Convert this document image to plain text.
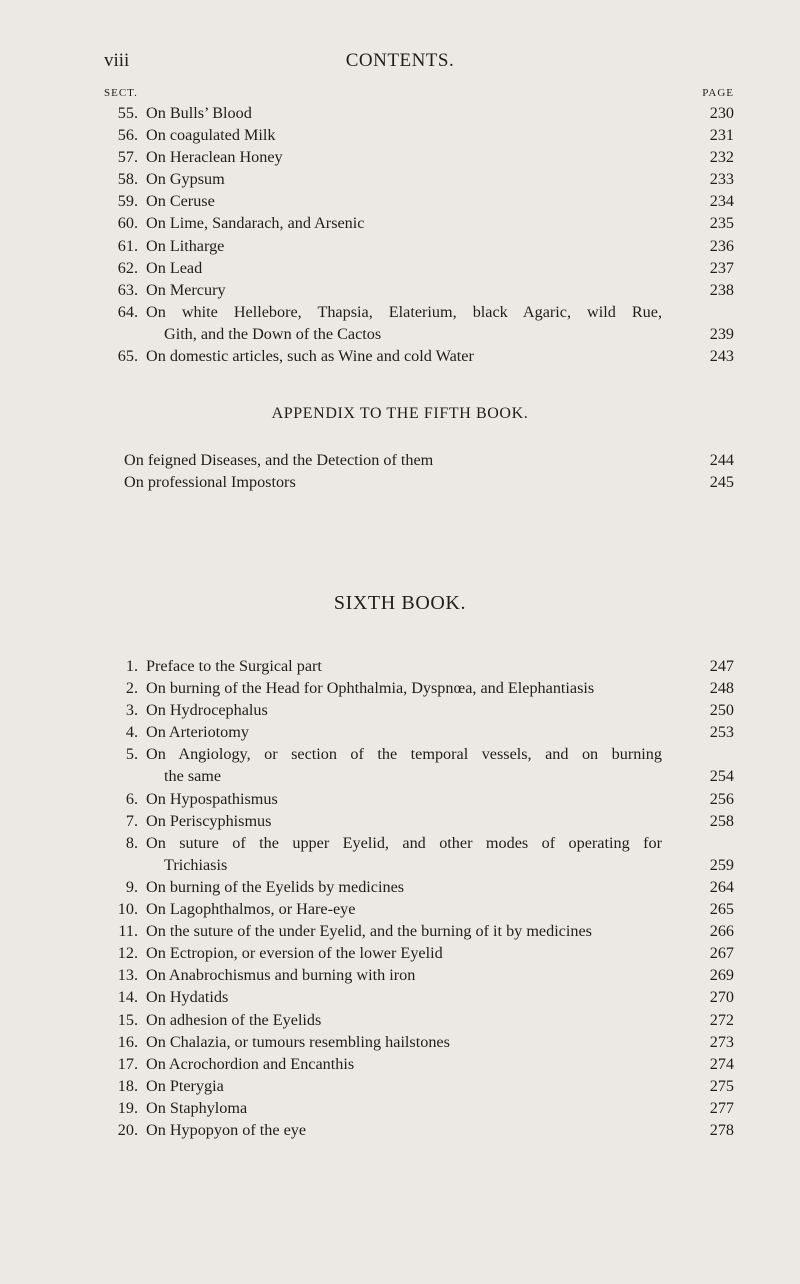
viii	CONTENTS.
SECT.	PAGE
55. On Bulls’ Blood	230
56. On coagulated Milk	231
57. On Heraclean Honey	232
58. On Gypsum	233
59. On Ceruse	234
60. On Lime, Sandarach, and Arsenic	235
61. On Litharge	236
62. On Lead	237
63. On Mercury	238
64. On white Hellebore, Thapsia, Elaterium, black Agaric, wild Rue,
Gith, and the Down of the Cactos	239
65. On domestic articles, such as Wine and cold Water	243
APPENDIX TO THE FIFTH BOOK.
On feigned Diseases, and the Detection of them	244
On professional Impostors	245
SIXTH BOOK.
1. Preface to the Surgical part	247
2. On burning of the Head for Ophthalmia, Dyspnœa, and Elephantiasis	248
3. On Hydrocephalus	250
4. On Arteriotomy	253
5. On Angiology, or section of the temporal vessels, and on burning
the same	254
6. On Hypospathismus	256
7. On Periscyphismus	258
8. On suture of the upper Eyelid, and other modes of operating for
Trichiasis	259
9. On burning of the Eyelids by medicines	264
10. On Lagophthalmos, or Hare-eye	265
11. On the suture of the under Eyelid, and the burning of it by medicines	266
12. On Ectropion, or eversion of the lower Eyelid	267
13. On Anabrochismus and burning with iron	269
14. On Hydatids	270
15. On adhesion of the Eyelids	272
16. On Chalazia, or tumours resembling hailstones	273
17. On Acrochordion and Encanthis	274
18. On Pterygia	275
19. On Staphyloma	277
20. On Hypopyon of the eye	278
